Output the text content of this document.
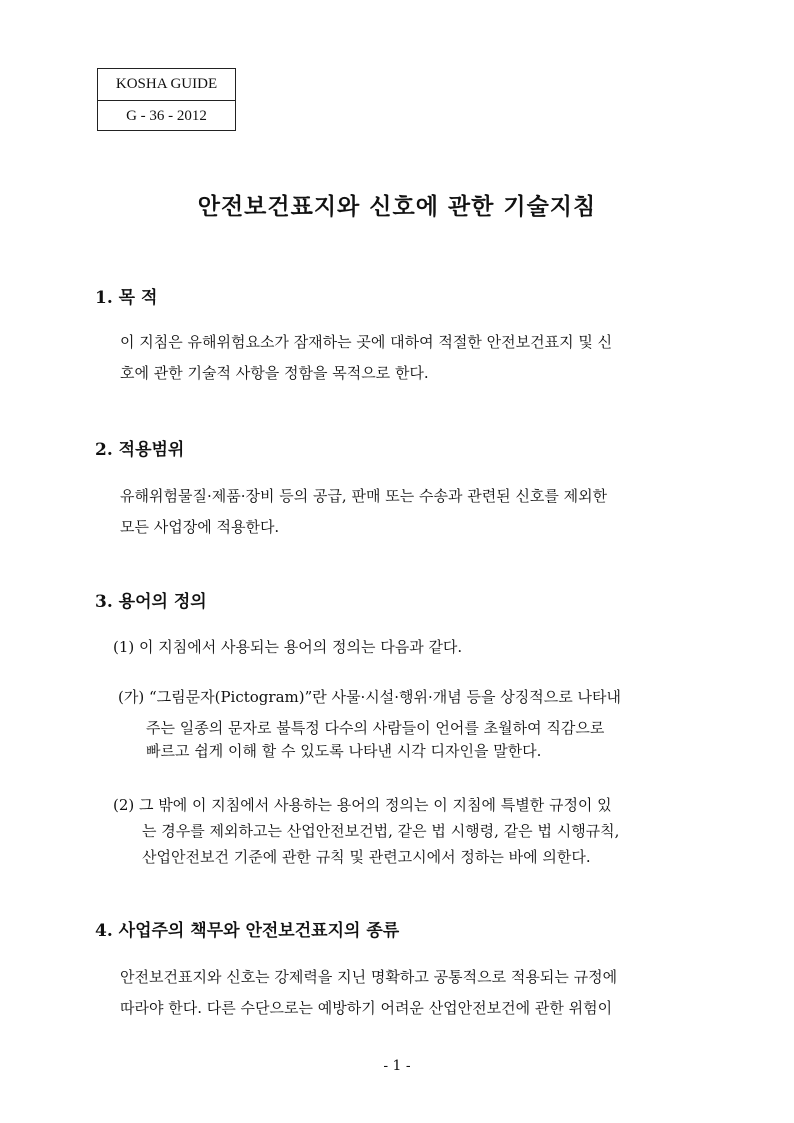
KOSHA GUIDE
G - 36 - 2012
안전보건표지와 신호에 관한 기술지침
1. 목 적
이 지침은 유해위험요소가 잠재하는 곳에 대하여 적절한 안전보건표지 및 신
호에 관한 기술적 사항을 정함을 목적으로 한다.
2. 적용범위
유해위험물질·제품·장비 등의 공급, 판매 또는 수송과 관련된 신호를 제외한
모든 사업장에 적용한다.
3. 용어의 정의
(1) 이 지침에서 사용되는 용어의 정의는 다음과 같다.
(가) “그림문자(Pictogram)”란 사물·시설·행위·개념 등을 상징적으로 나타내
주는 일종의 문자로 불특정 다수의 사람들이 언어를 초월하여 직감으로
빠르고 쉽게 이해 할 수 있도록 나타낸 시각 디자인을 말한다.
(2) 그 밖에 이 지침에서 사용하는 용어의 정의는 이 지침에 특별한 규정이 있
는 경우를 제외하고는 산업안전보건법, 같은 법 시행령, 같은 법 시행규칙,
산업안전보건 기준에 관한 규칙 및 관련고시에서 정하는 바에 의한다.
4. 사업주의 책무와 안전보건표지의 종류
안전보건표지와 신호는 강제력을 지닌 명확하고 공통적으로 적용되는 규정에
따라야 한다. 다른 수단으로는 예방하기 어려운 산업안전보건에 관한 위험이
- 1 -
